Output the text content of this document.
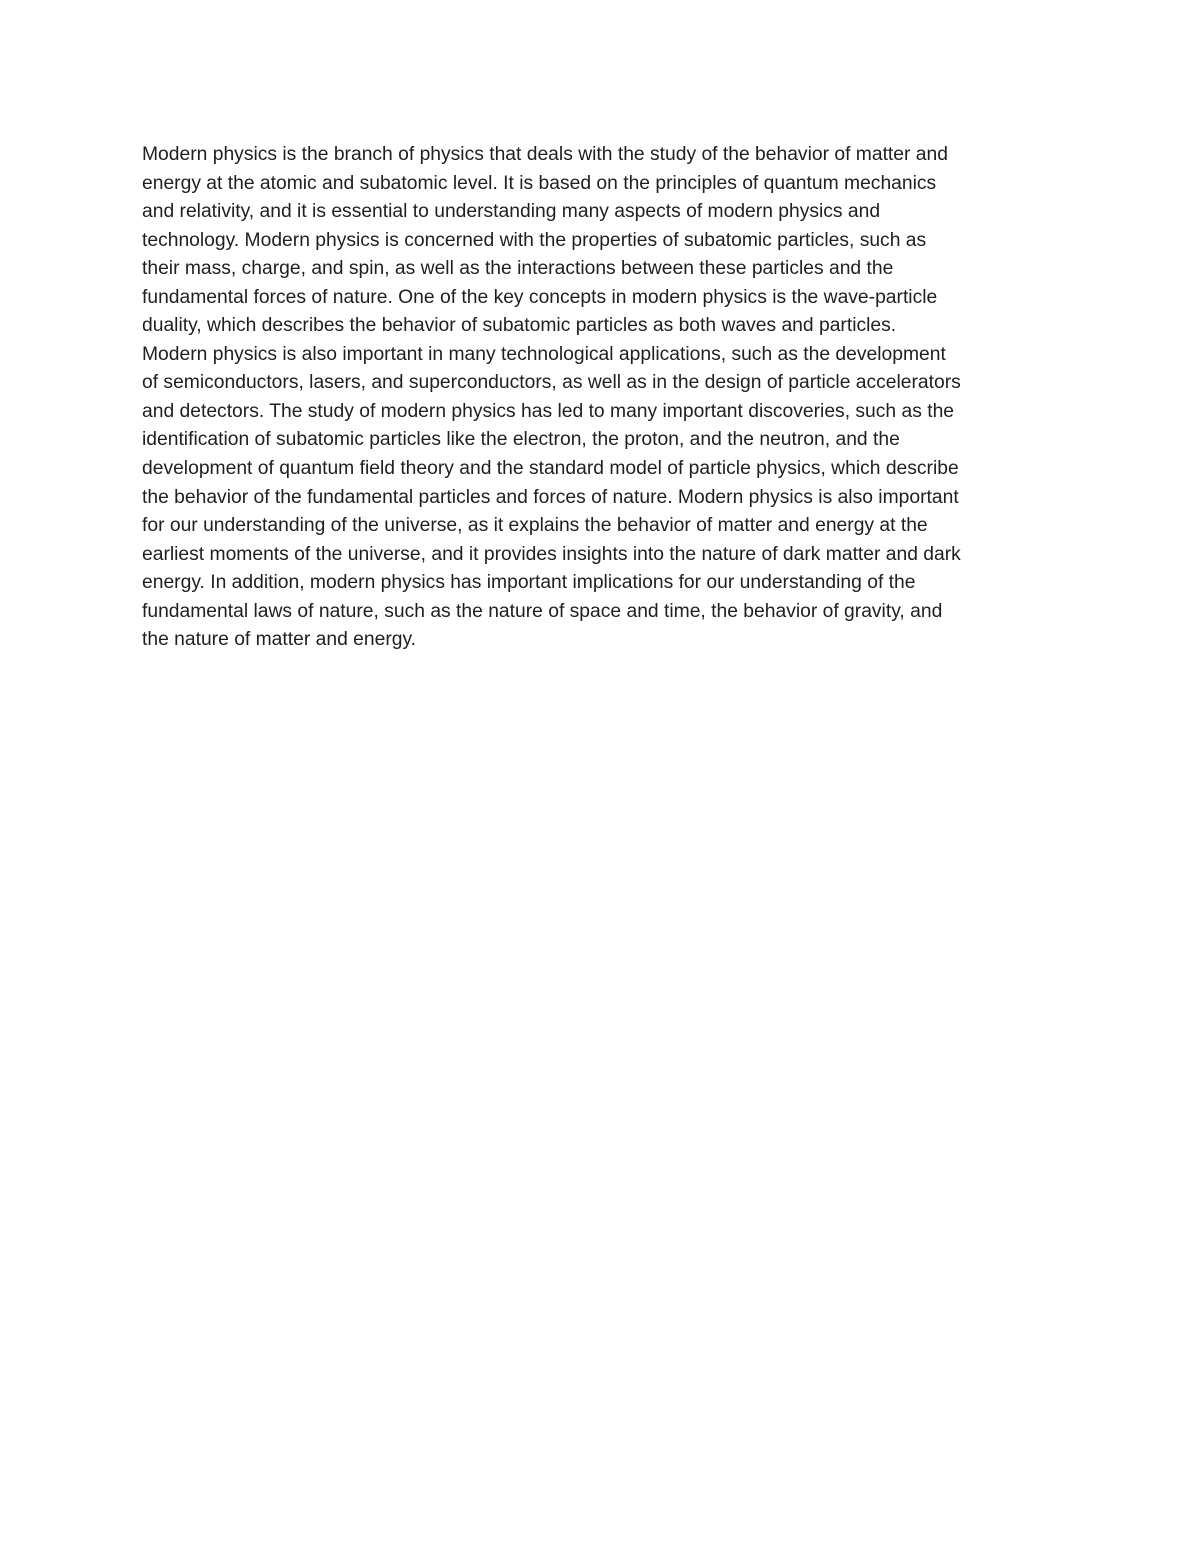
Modern physics is the branch of physics that deals with the study of the behavior of matter and
energy at the atomic and subatomic level. It is based on the principles of quantum mechanics
and relativity, and it is essential to understanding many aspects of modern physics and
technology. Modern physics is concerned with the properties of subatomic particles, such as
their mass, charge, and spin, as well as the interactions between these particles and the
fundamental forces of nature. One of the key concepts in modern physics is the wave-particle
duality, which describes the behavior of subatomic particles as both waves and particles.
Modern physics is also important in many technological applications, such as the development
of semiconductors, lasers, and superconductors, as well as in the design of particle accelerators
and detectors. The study of modern physics has led to many important discoveries, such as the
identification of subatomic particles like the electron, the proton, and the neutron, and the
development of quantum field theory and the standard model of particle physics, which describe
the behavior of the fundamental particles and forces of nature. Modern physics is also important
for our understanding of the universe, as it explains the behavior of matter and energy at the
earliest moments of the universe, and it provides insights into the nature of dark matter and dark
energy. In addition, modern physics has important implications for our understanding of the
fundamental laws of nature, such as the nature of space and time, the behavior of gravity, and
the nature of matter and energy.
